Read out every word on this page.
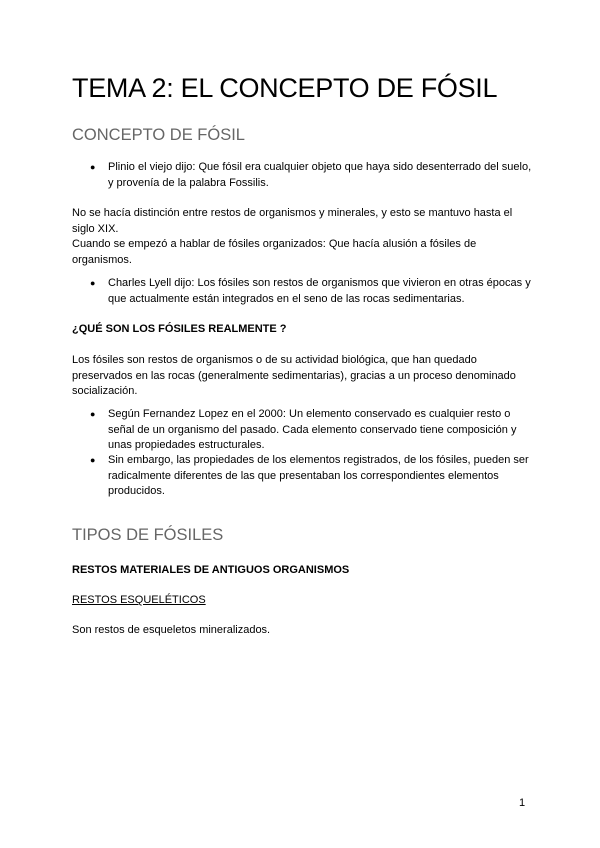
TEMA 2: EL CONCEPTO DE FÓSIL
CONCEPTO DE FÓSIL
●	Plinio el viejo dijo: Que fósil era cualquier objeto que haya sido desenterrado del suelo, y provenía de la palabra Fossilis.

No se hacía distinción entre restos de organismos y minerales, y esto se mantuvo hasta el siglo XIX.

Cuando se empezó a hablar de fósiles organizados: Que hacía alusión a fósiles de organismos.

●	Charles Lyell dijo: Los fósiles son restos de organismos que vivieron en otras épocas y que actualmente están integrados en el seno de las rocas sedimentarias.

¿QUÉ SON LOS FÓSILES REALMENTE ?

Los fósiles son restos de organismos o de su actividad biológica, que han quedado preservados en las rocas (generalmente sedimentarias), gracias a un proceso denominado socialización.

●	Según Fernandez Lopez en el 2000: Un elemento conservado es cualquier resto o señal de un organismo del pasado. Cada elemento conservado tiene composición y unas propiedades estructurales.
●	Sin embargo, las propiedades de los elementos registrados, de los fósiles, pueden ser radicalmente diferentes de las que presentaban los correspondientes elementos producidos.
TIPOS DE FÓSILES

RESTOS MATERIALES DE ANTIGUOS ORGANISMOS

RESTOS ESQUELÉTICOS

Son restos de esqueletos mineralizados.

1
